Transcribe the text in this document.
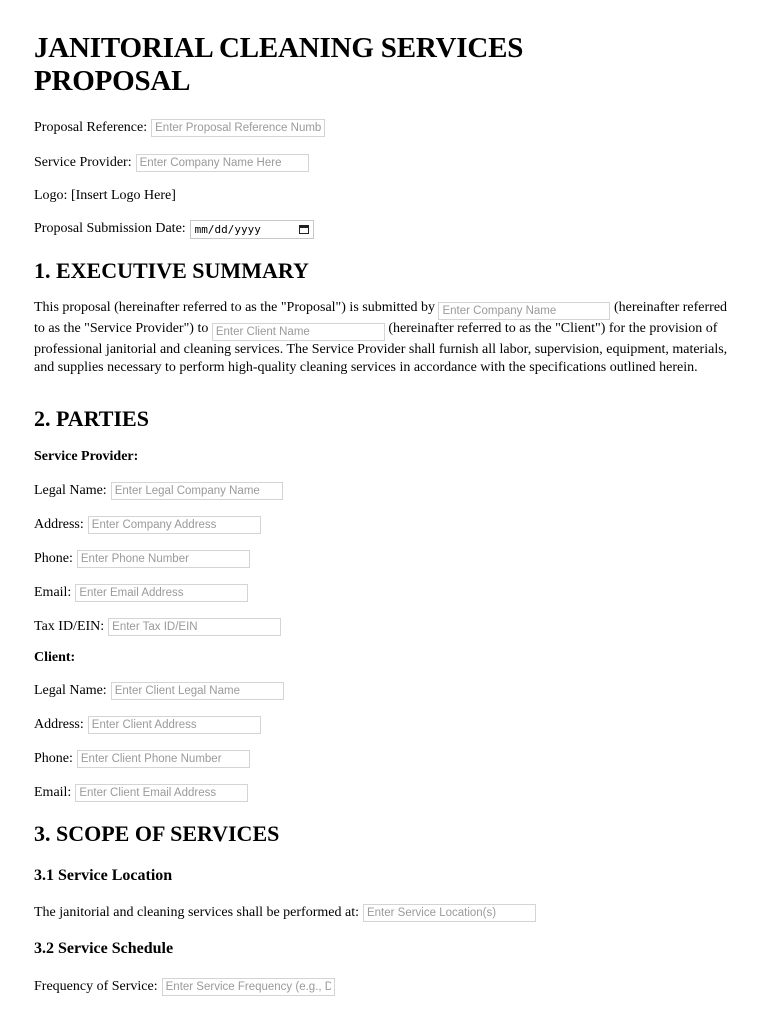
JANITORIAL CLEANING SERVICES PROPOSAL
Proposal Reference:
Enter Proposal Reference Number
Service Provider:
Enter Company Name Here
Logo: [Insert Logo Here]
Proposal Submission Date: mm/dd/yyyy
1. EXECUTIVE SUMMARY
This proposal (hereinafter referred to as the "Proposal") is submitted by Enter Company Name	(hereinafter referred to as the "Service Provider") to Enter Client Name	(hereinafter referred to as the "Client") for the provision of professional janitorial and cleaning services. The Service Provider shall furnish all labor, supervision, equipment, materials, and supplies necessary to perform high-quality cleaning services in accordance with the specifications outlined herein.
2. PARTIES
Service Provider:
Legal Name:
Enter Legal Company Name
Address:
Enter Company Address
Phone:
Enter Phone Number
Email:
Enter Email Address
Tax ID/EIN:
Enter Tax ID/EIN
Client:
Legal Name:
Enter Client Legal Name
Address:
Enter Client Address
Phone:
Enter Client Phone Number
Email:
Enter Client Email Address
3. SCOPE OF SERVICES
3.1 Service Location
The janitorial and cleaning services shall be performed at:
Enter Service Location(s)
3.2 Service Schedule
Frequency of Service:
Enter Service Frequency (e.g., Daily, Weekly)
